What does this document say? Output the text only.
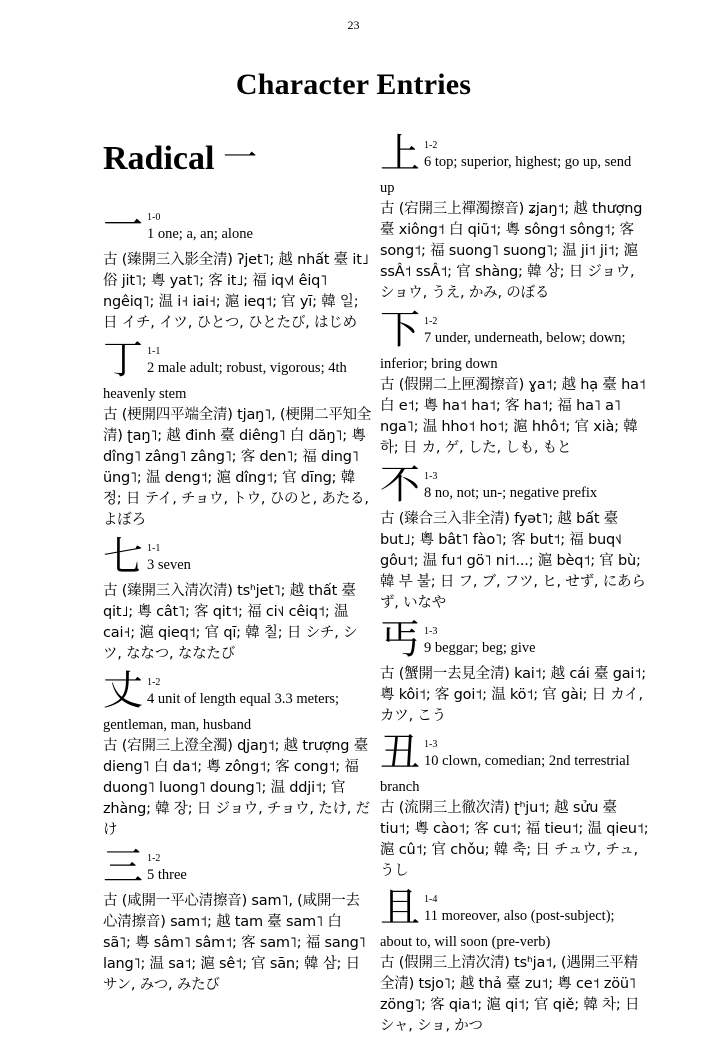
23
Character Entries
Radical 一
一 1-0
1 one; a, an; alone

古 (臻開三入影全清) ʔjet˥; 越 nhất 臺 it˩ 俗 jit˥; 粵 yat˥; 客 it˩; 福 iq˦˩˥ êiq˥ ngêiq˥; 温 i˧ iai˧; 滬 ieq˦; 官 yī; 韓 일; 日 イチ, イツ, ひとつ, ひとたび, はじめ

丁 1-1
2 male adult; robust, vigorous; 4th

heavenly stem

古 (梗開四平端全清) tjaŋ˥, (梗開二平知全清) ʈaŋ˥; 越 đinh 臺 diêng˥ 白 dăŋ˥; 粵 dîng˥ zâng˥ zâng˥; 客 den˥; 福 ding˥ üng˥; 温 deng˦; 滬 dîng˦; 官 dīng; 韓 정; 日 テイ, チョウ, トウ, ひのと, あたる, よぼろ

七 1-1
3 seven

古 (臻開三入清次清) tsʰjet˥; 越 thất 臺 qit˩; 粵 cât˥; 客 qit˦; 福 ci˦˩ cêiq˦; 温 cai˧; 滬 qieq˦; 官 qī; 韓 칠; 日 シチ, シツ, ななつ, ななたび

丈 1-2
4 unit of length equal 3.3 meters;

gentleman, man, husband

古 (宕開三上澄全濁) ɖjaŋ˦; 越 trượng 臺 dieng˥ 白 da˦; 粵 zông˦; 客 cong˦; 福 duong˥ luong˥ doung˥; 温 ddji˦; 官 zhàng; 韓 장; 日 ジョウ, チョウ, たけ, だけ

三 1-2
5 three

古 (咸開一平心清擦音) sam˥, (咸開一去心清擦音) sam˦; 越 tam 臺 sam˥ 白 sã˥; 粵 sâm˥ sâm˦; 客 sam˥; 福 sang˥ lang˥; 温 sa˦; 滬 sê˦; 官 sān; 韓 삼; 日 サン, みつ, みたび

上 1-2
6 top; superior, highest; go up, send

up

古 (宕開三上禪濁擦音) ʑjaŋ˦; 越 thượng 臺 xiông˦ 白 qiũ˦; 粵 sông˦ sông˦; 客 song˦; 福 suong˥ suong˥; 温 ji˦ ji˦; 滬 ssÂ˦ ssÂ˦; 官 shàng; 韓 상; 日 ジョウ, ショウ, うえ, かみ, のぼる

下 1-2
7 under, underneath, below; down;

inferior; bring down

古 (假開二上匣濁擦音) ɣa˦; 越 hạ 臺 ha˦ 白 e˦; 粵 ha˦ ha˦; 客 ha˦; 福 ha˥ a˥ nga˥; 温 hho˦ ho˦; 滬 hhô˦; 官 xià; 韓 하; 日 カ, ゲ, した, しも, もと

不 1-3
8 no, not; un-; negative prefix

古 (臻合三入非全清) fyət˥; 越 bất 臺 but˩; 粵 bât˥ fào˥; 客 but˦; 福 buq˦˩ gôu˦; 温 fu˦ gö˥ ni˦...; 滬 bèq˦; 官 bù; 韓 부 불; 日 フ, ブ, フツ, ヒ, せず, にあらず, いなや

丐 1-3
9 beggar; beg; give

古 (蟹開一去見全清) kai˦; 越 cái 臺 gai˦; 粵 kôi˦; 客 goi˦; 温 kö˦; 官 gài; 日 カイ, カツ, こう

丑 1-3
10 clown, comedian; 2nd terrestrial

branch

古 (流開三上徹次清) ʈʰju˦; 越 sửu 臺 tiu˦; 粵 cào˦; 客 cu˦; 福 tieu˦; 温 qieu˦; 滬 cû˦; 官 chǒu; 韓 축; 日 チュウ, チュ, うし

且 1-4
11 moreover, also (post-subject);

about to, will soon (pre-verb)

古 (假開三上清次清) tsʰja˦, (遇開三平精全清) tsjo˥; 越 thả 臺 zu˦; 粵 ce˦ zöü˥ zöng˥; 客 qia˦; 滬 qi˦; 官 qiě; 韓 차; 日 シャ, ショ, かつ
